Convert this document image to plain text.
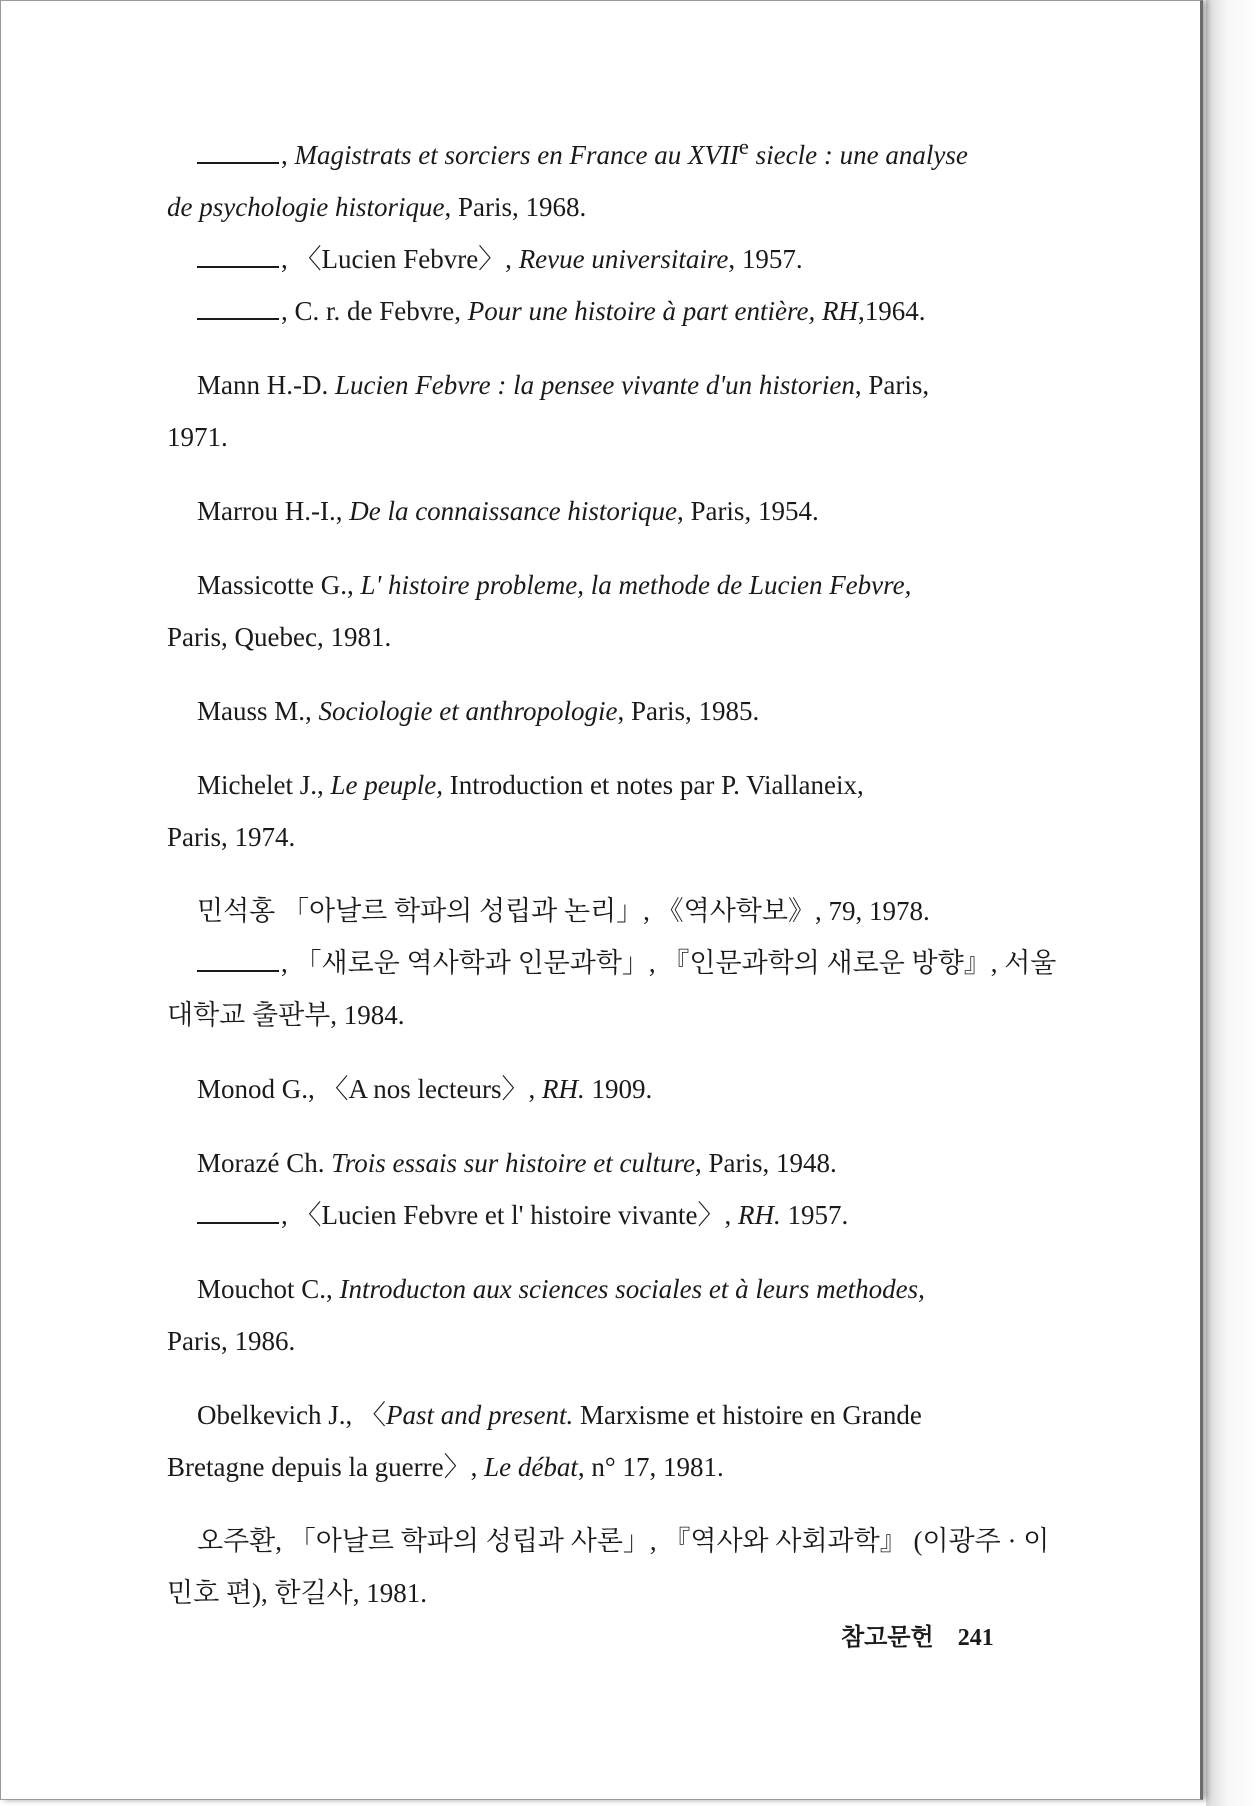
, Magistrats et sorciers en France au XVIIe siecle : une analyse
de psychologie historique, Paris, 1968.
, 〈Lucien Febvre〉, Revue universitaire, 1957.
, C. r. de Febvre, Pour une histoire à part entière, RH,1964.
Mann H.-D. Lucien Febvre : la pensee vivante d'un historien, Paris,
1971.
Marrou H.-I., De la connaissance historique, Paris, 1954.
Massicotte G., L' histoire probleme, la methode de Lucien Febvre,
Paris, Quebec, 1981.
Mauss M., Sociologie et anthropologie, Paris, 1985.
Michelet J., Le peuple, Introduction et notes par P. Viallaneix,
Paris, 1974.
민석홍 「아날르 학파의 성립과 논리」, 《역사학보》, 79, 1978.
, 「새로운 역사학과 인문과학」, 『인문과학의 새로운 방향』, 서울
대학교 출판부, 1984.
Monod G., 〈A nos lecteurs〉, RH. 1909.
Morazé Ch. Trois essais sur histoire et culture, Paris, 1948.
, 〈Lucien Febvre et l' histoire vivante〉, RH. 1957.
Mouchot C., Introducton aux sciences sociales et à leurs methodes,
Paris, 1986.
Obelkevich J., 〈Past and present. Marxisme et histoire en Grande
Bretagne depuis la guerre〉, Le débat, n° 17, 1981.
오주환, 「아날르 학파의 성립과 사론」, 『역사와 사회과학』 (이광주 · 이
민호 편), 한길사, 1981.
참고문헌 241
